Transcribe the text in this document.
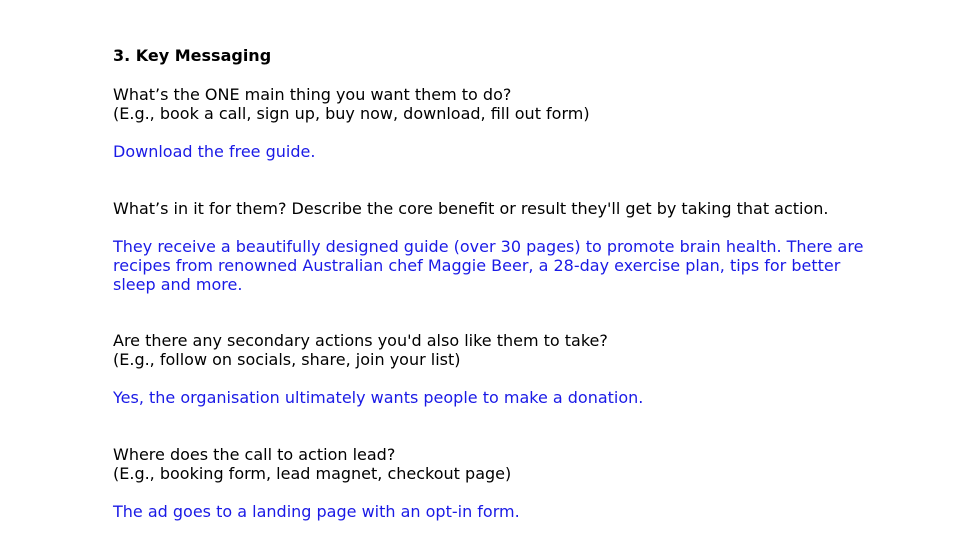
3. Key Messaging
What’s the ONE main thing you want them to do?
(E.g., book a call, sign up, buy now, download, fill out form)
Download the free guide.
What’s in it for them? Describe the core benefit or result they'll get by taking that action.
They receive a beautifully designed guide (over 30 pages) to promote brain health. There are
recipes from renowned Australian chef Maggie Beer, a 28-day exercise plan, tips for better
sleep and more.
Are there any secondary actions you'd also like them to take?
(E.g., follow on socials, share, join your list)
Yes, the organisation ultimately wants people to make a donation.
Where does the call to action lead?
(E.g., booking form, lead magnet, checkout page)
The ad goes to a landing page with an opt-in form.
